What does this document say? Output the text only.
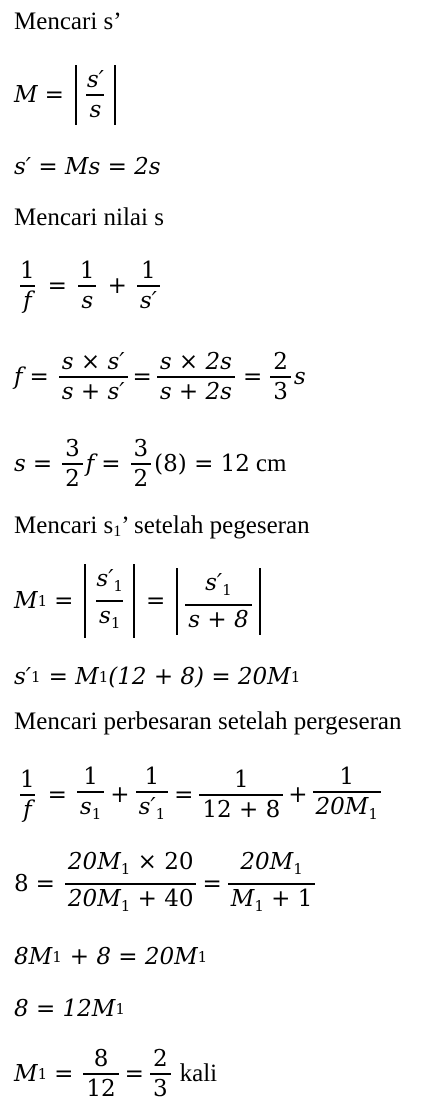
Mencari s’
$M = \frac{s'}{s}$
s′ = Ms = 2s
Mencari nilai s
$\frac{1}{f} = \frac{1}{s} + \frac{1}{s'}$
$f = \frac{s \times s'}{s + s'} = \frac{s \times 2s}{s + 2s} = \frac{2}{3}$ s
$s = \frac{3}{2}$ $f = \frac{3}{2} (8) = 12$ cm
Mencari s1’ setelah pegeseran
M $1 = \frac{s'_1}{s_1} = \frac{s'_1}{s + 8}$
s′ 1 = M 1 (12 + 8) = 20M 1
Mencari perbesaran setelah pergeseran
$\frac{1}{f} = \frac{1}{s_1} + \frac{1}{s'_1} = \frac{1}{12 + 8} + \frac{1}{20M_1}$
$8 = \frac{20M_1 \times 20}{20M_1 + 40} = \frac{20M_1}{M_1 + 1}$
8M 1 + 8 = 20M 1
8 = 12M 1
M $1 = \frac{8}{12} = \frac{2}{3}$ kali
